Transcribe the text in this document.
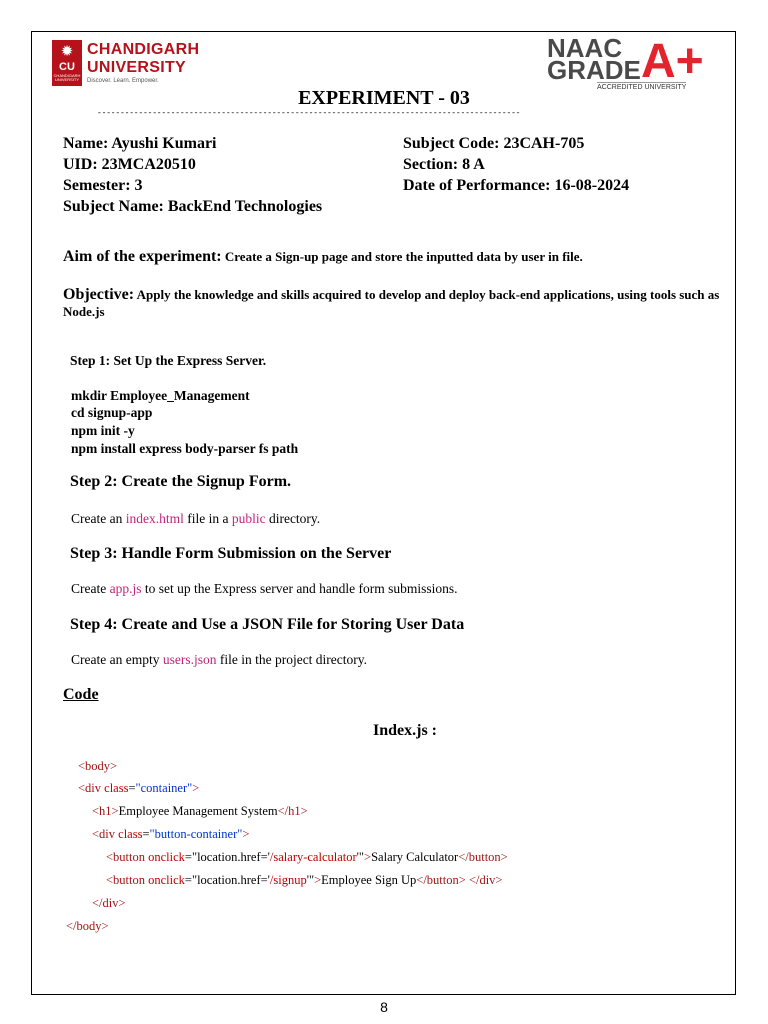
✹
CU
CHANDIGARH UNIVERSITY
CHANDIGARH
UNIVERSITY
Discover. Learn. Empower.
NAAC
GRADE A+
ACCREDITED UNIVERSITY
EXPERIMENT - 03
--------------------------------------------------------------------------------------------
Name: Ayushi Kumari
UID: 23MCA20510
Semester: 3
Subject Name: BackEnd Technologies
Subject Code: 23CAH-705
Section: 8 A
Date of Performance: 16-08-2024
Aim of the experiment: Create a Sign-up page and store the inputted data by user in file.
Objective: Apply the knowledge and skills acquired to develop and deploy back-end applications, using tools such as Node.js
Step 1: Set Up the Express Server.
mkdir Employee_Management
cd signup-app
npm init -y
npm install express body-parser fs path
Step 2: Create the Signup Form.
Create an index.html file in a public directory.
Step 3: Handle Form Submission on the Server
Create app.js to set up the Express server and handle form submissions.
Step 4: Create and Use a JSON File for Storing User Data
Create an empty users.json file in the project directory.
Code
Index.js :
<body>
<div class="container">
<h1>Employee Management System</h1>
<div class="button-container">
<button onclick="location.href='/salary-calculator'">Salary Calculator</button>
<button onclick="location.href='/signup'">Employee Sign Up</button> </div>
</div>
</body>
8
